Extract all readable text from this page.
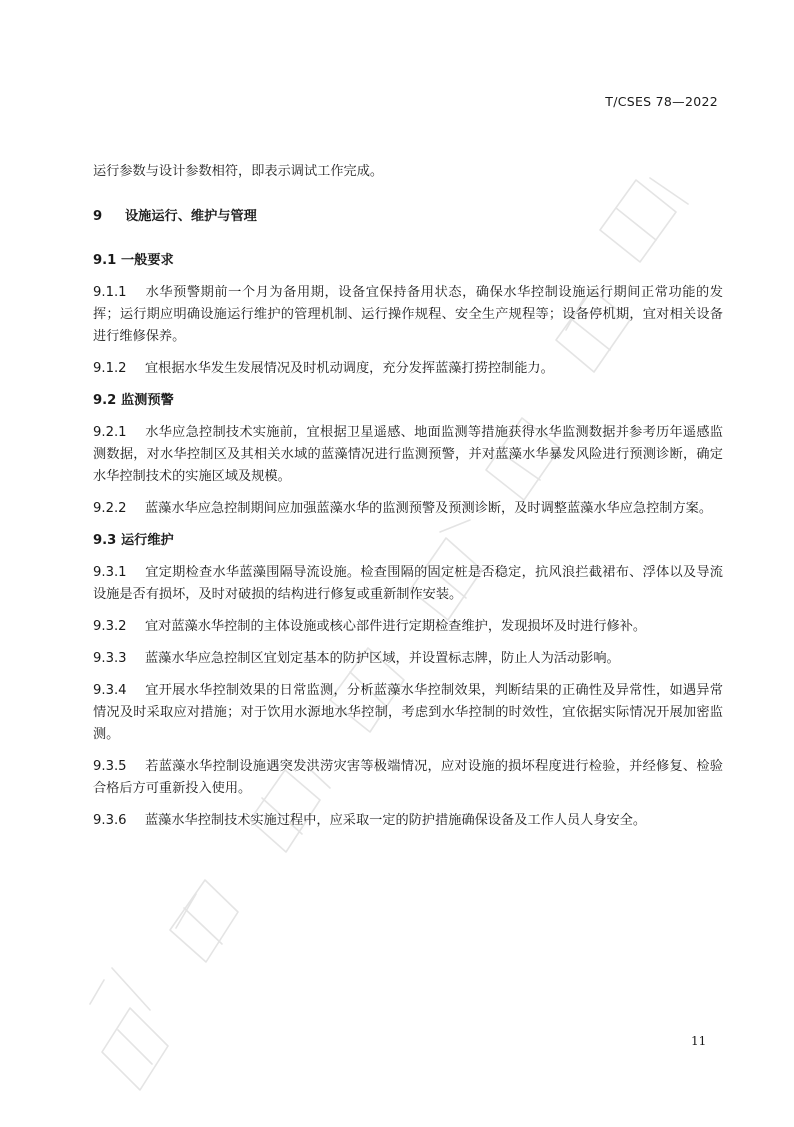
T/CSES 78—2022

运行参数与设计参数相符，即表示调试工作完成。

9 设施运行、维护与管理

9.1 一般要求

9.1.1 水华预警期前一个月为备用期，设备宜保持备用状态，确保水华控制设施运行期间正常功能的发挥；运行期应明确设施运行维护的管理机制、运行操作规程、安全生产规程等；设备停机期，宜对相关设备进行维修保养。

9.1.2 宜根据水华发生发展情况及时机动调度，充分发挥蓝藻打捞控制能力。

9.2 监测预警

9.2.1 水华应急控制技术实施前，宜根据卫星遥感、地面监测等措施获得水华监测数据并参考历年遥感监测数据，对水华控制区及其相关水域的蓝藻情况进行监测预警，并对蓝藻水华暴发风险进行预测诊断，确定水华控制技术的实施区域及规模。

9.2.2 蓝藻水华应急控制期间应加强蓝藻水华的监测预警及预测诊断，及时调整蓝藻水华应急控制方案。

9.3 运行维护

9.3.1 宜定期检查水华蓝藻围隔导流设施。检查围隔的固定桩是否稳定，抗风浪拦截裙布、浮体以及导流设施是否有损坏，及时对破损的结构进行修复或重新制作安装。

9.3.2 宜对蓝藻水华控制的主体设施或核心部件进行定期检查维护，发现损坏及时进行修补。

9.3.3 蓝藻水华应急控制区宜划定基本的防护区域，并设置标志牌，防止人为活动影响。

9.3.4 宜开展水华控制效果的日常监测，分析蓝藻水华控制效果，判断结果的正确性及异常性，如遇异常情况及时采取应对措施；对于饮用水源地水华控制，考虑到水华控制的时效性，宜依据实际情况开展加密监测。

9.3.5 若蓝藻水华控制设施遇突发洪涝灾害等极端情况，应对设施的损坏程度进行检验，并经修复、检验合格后方可重新投入使用。

9.3.6 蓝藻水华控制技术实施过程中，应采取一定的防护措施确保设备及工作人员人身安全。

11
